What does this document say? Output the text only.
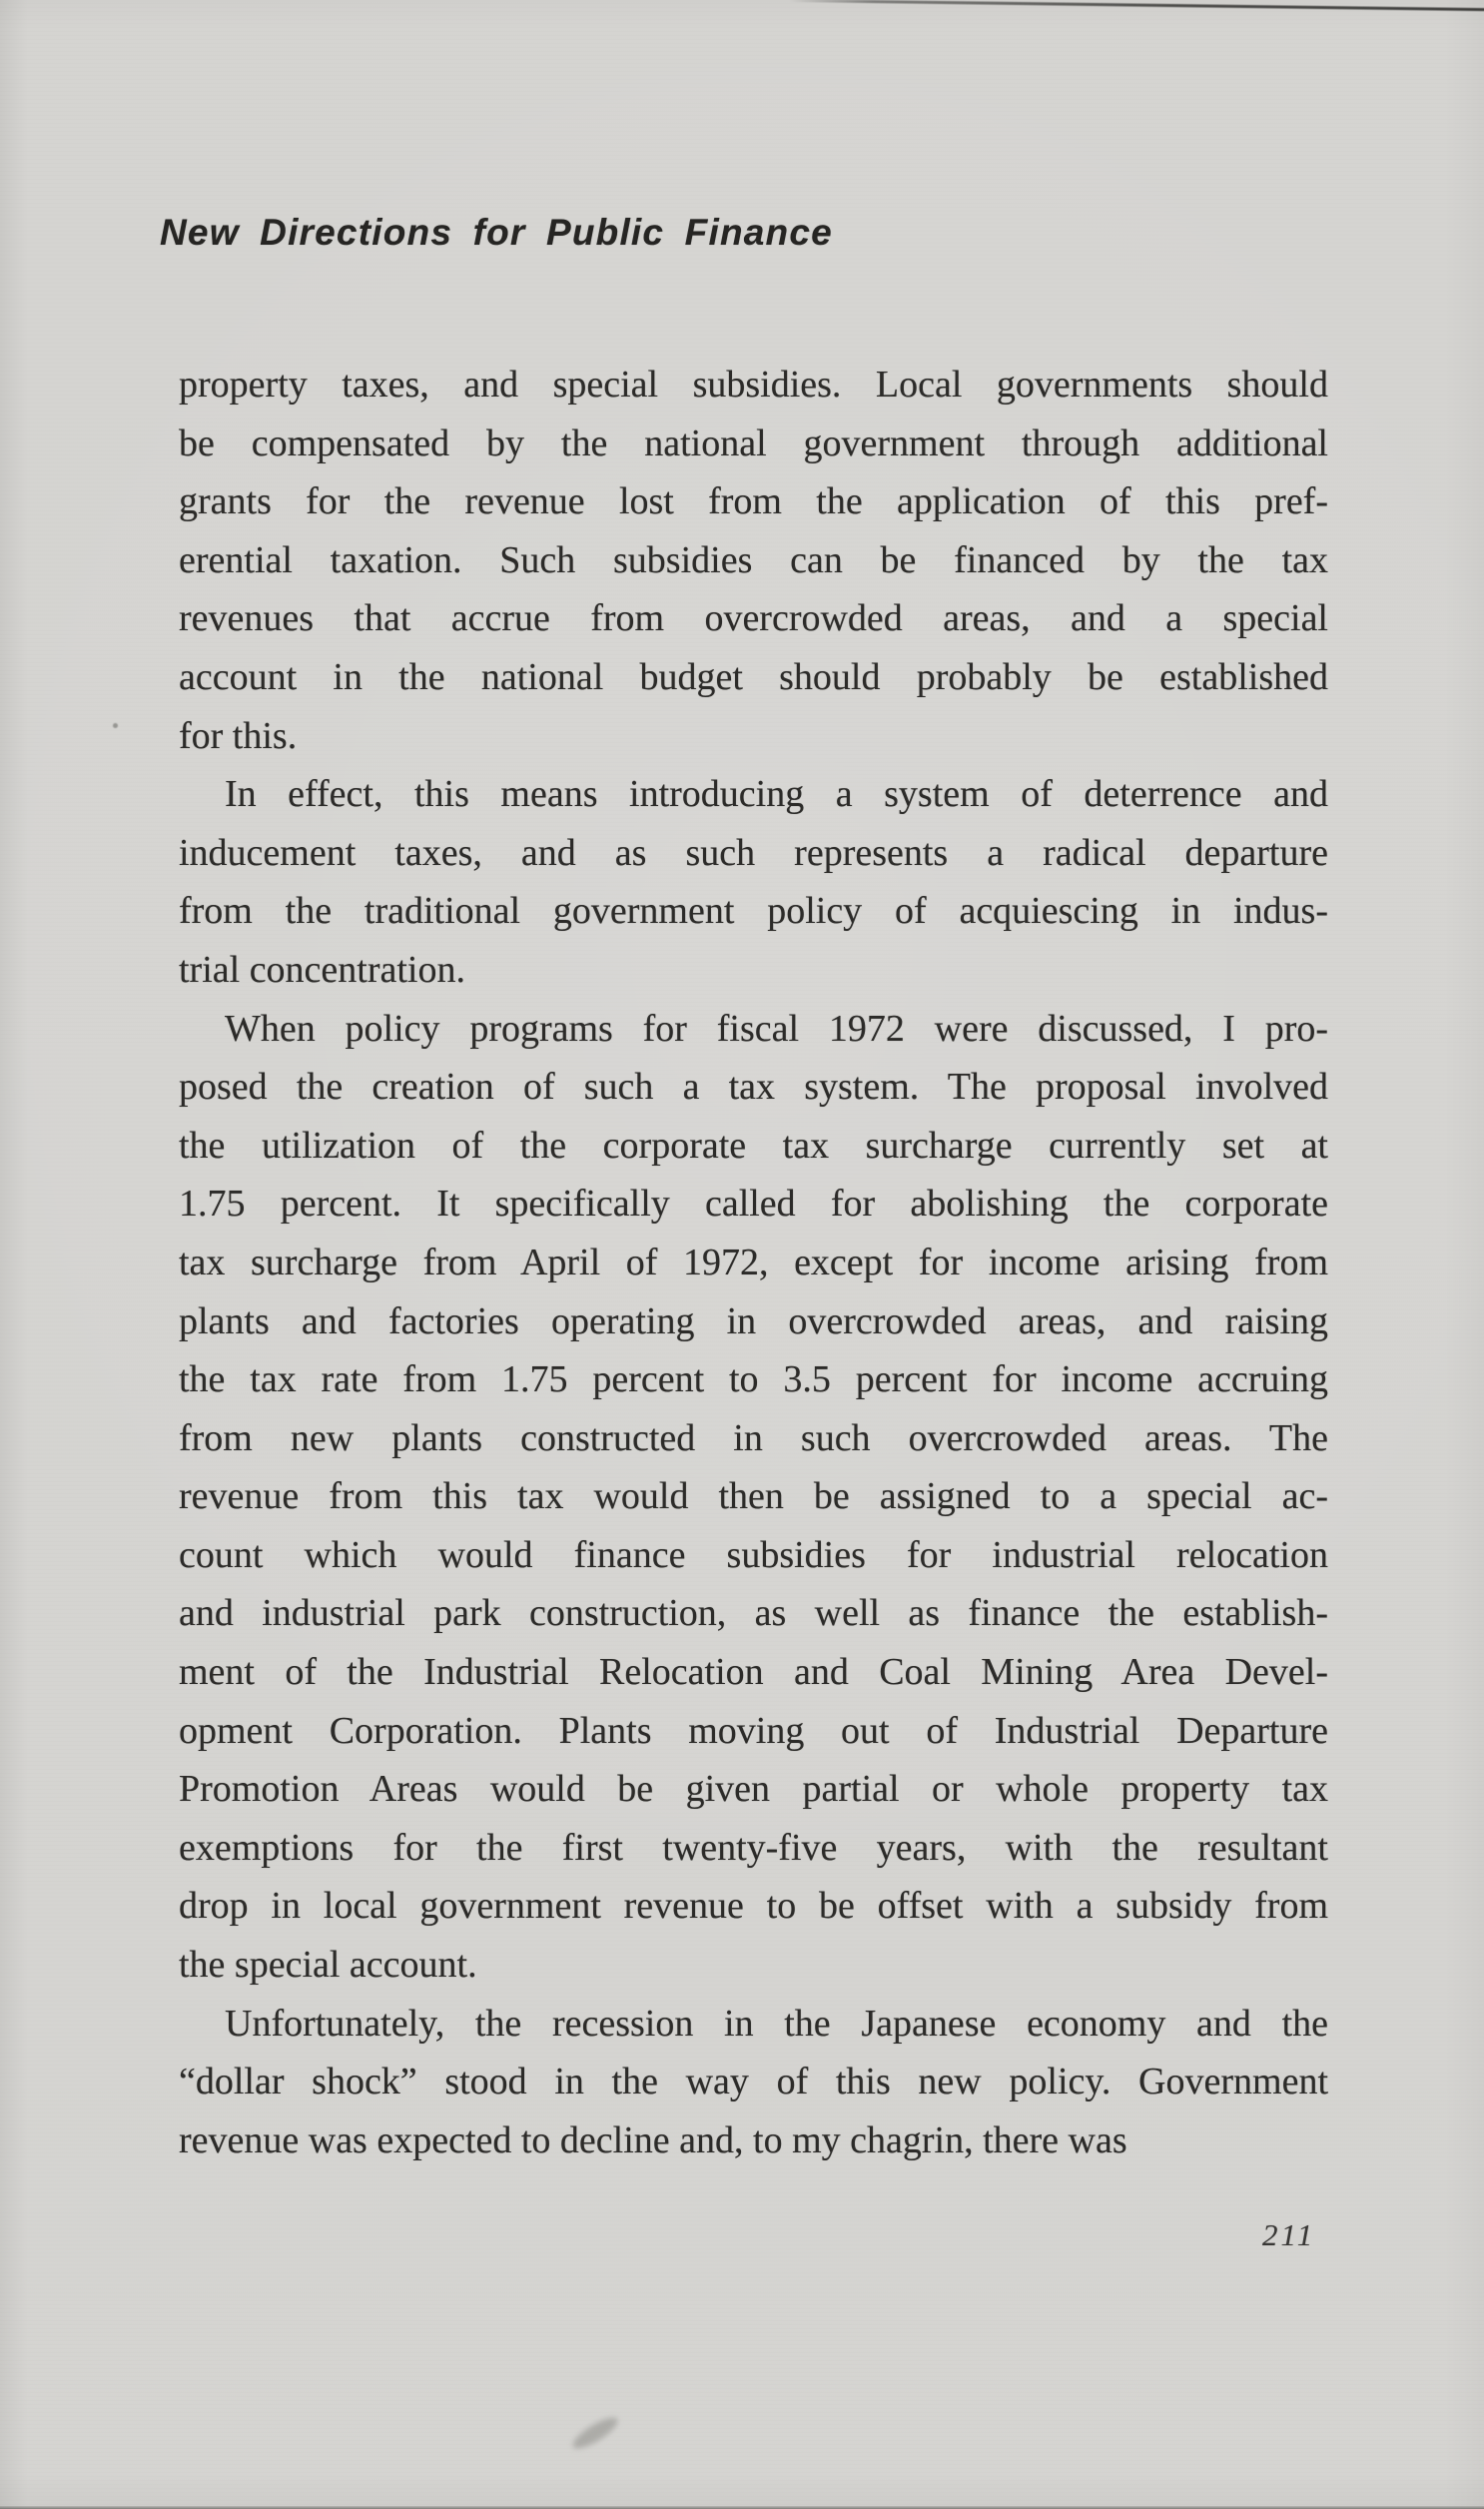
New Directions for Public Finance
property taxes, and special subsidies. Local governments should
be compensated by the national government through additional
grants for the revenue lost from the application of this pref-
erential taxation. Such subsidies can be financed by the tax
revenues that accrue from overcrowded areas, and a special
account in the national budget should probably be established
for this.
In effect, this means introducing a system of deterrence and
inducement taxes, and as such represents a radical departure
from the traditional government policy of acquiescing in indus-
trial concentration.
When policy programs for fiscal 1972 were discussed, I pro-
posed the creation of such a tax system. The proposal involved
the utilization of the corporate tax surcharge currently set at
1.75 percent. It specifically called for abolishing the corporate
tax surcharge from April of 1972, except for income arising from
plants and factories operating in overcrowded areas, and raising
the tax rate from 1.75 percent to 3.5 percent for income accruing
from new plants constructed in such overcrowded areas. The
revenue from this tax would then be assigned to a special ac-
count which would finance subsidies for industrial relocation
and industrial park construction, as well as finance the establish-
ment of the Industrial Relocation and Coal Mining Area Devel-
opment Corporation. Plants moving out of Industrial Departure
Promotion Areas would be given partial or whole property tax
exemptions for the first twenty-five years, with the resultant
drop in local government revenue to be offset with a subsidy from
the special account.
Unfortunately, the recession in the Japanese economy and the
“dollar shock” stood in the way of this new policy. Government
revenue was expected to decline and, to my chagrin, there was
211
